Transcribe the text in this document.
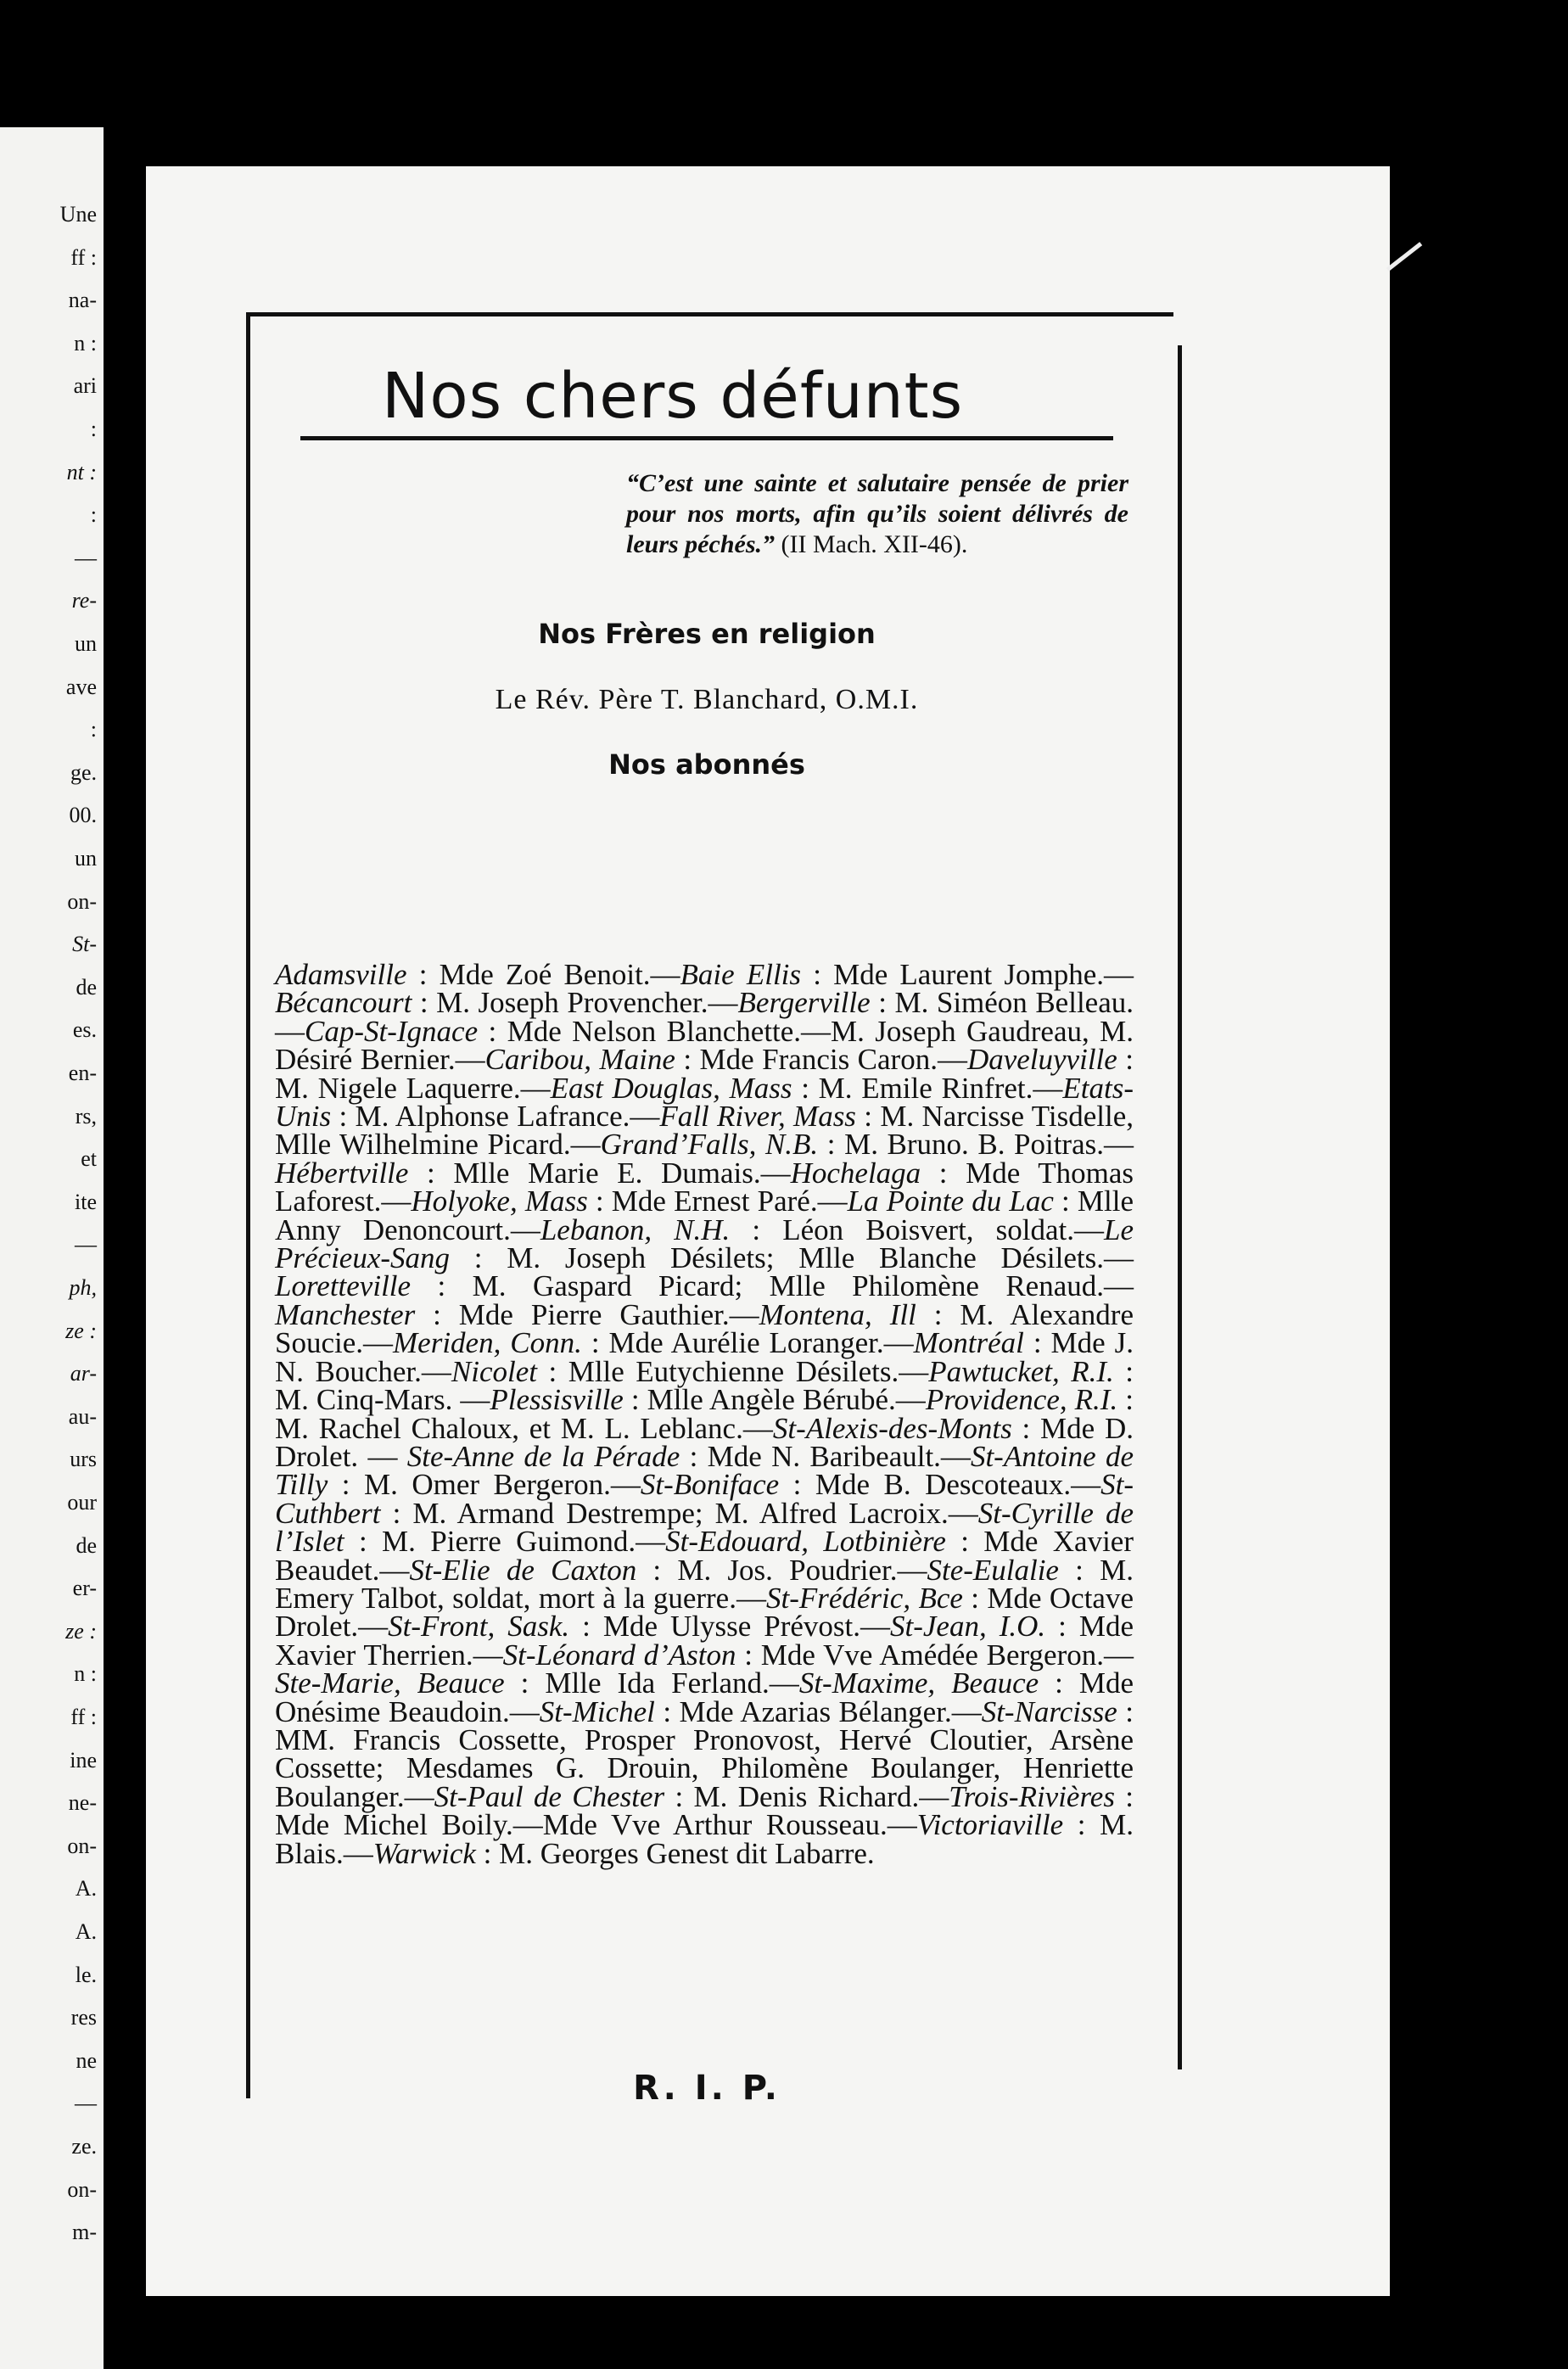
Une
ff :
na-
n :
ari
:
nt :
:
—
re-
un
ave
:
ge.
00.
un
on-
St-
de
es.
en-
rs,
et
ite
—
ph,
ze :
ar-
au-
urs
our
de
er-
ze :
n :
ff :
ine
ne-
on-
A.
A.
le.
res
ne
—
ze.
on-
m-
Nos chers défunts
“C’est une sainte et salutaire pensée de prier pour nos morts, afin qu’ils soient délivrés de leurs péchés.” (II Mach. XII-46).
Nos Frères en religion
Le Rév. Père T. Blanchard, O.M.I.
Nos abonnés
Adamsville : Mde Zoé Benoit.—Baie Ellis : Mde Laurent Jomphe.—Bécancourt : M. Joseph Provencher.—Bergerville : M. Siméon Belleau.—Cap-St-Ignace : Mde Nelson Blanchette.—M. Joseph Gaudreau, M. Désiré Bernier.—Caribou, Maine : Mde Francis Caron.—Daveluyville : M. Nigele Laquerre.—East Douglas, Mass : M. Emile Rinfret.—Etats-Unis : M. Alphonse Lafrance.—Fall River, Mass : M. Narcisse Tisdelle, Mlle Wilhelmine Picard.—Grand’Falls, N.B. : M. Bruno. B. Poitras.—Hébertville : Mlle Marie E. Dumais.—Hochelaga : Mde Thomas Laforest.—Holyoke, Mass : Mde Ernest Paré.—La Pointe du Lac : Mlle Anny Denoncourt.—Lebanon, N.H. : Léon Boisvert, soldat.—Le Précieux-Sang : M. Joseph Désilets; Mlle Blanche Désilets.—Loretteville : M. Gaspard Picard; Mlle Philomène Renaud.—Manchester : Mde Pierre Gauthier.—Montena, Ill : M. Alexandre Soucie.—Meriden, Conn. : Mde Aurélie Loranger.—Montréal : Mde J. N. Boucher.—Nicolet : Mlle Eutychienne Désilets.—Pawtucket, R.I. : M. Cinq-Mars. —Plessisville : Mlle Angèle Bérubé.—Providence, R.I. : M. Rachel Chaloux, et M. L. Leblanc.—St-Alexis-des-Monts : Mde D. Drolet. — Ste-Anne de la Pérade : Mde N. Baribeault.—St-Antoine de Tilly : M. Omer Bergeron.—St-Boniface : Mde B. Descoteaux.—St-Cuthbert : M. Armand Destrempe; M. Alfred Lacroix.—St-Cyrille de l’Islet : M. Pierre Guimond.—St-Edouard, Lotbinière : Mde Xavier Beaudet.—St-Elie de Caxton : M. Jos. Poudrier.—Ste-Eulalie : M. Emery Talbot, soldat, mort à la guerre.—St-Frédéric, Bce : Mde Octave Drolet.—St-Front, Sask. : Mde Ulysse Prévost.—St-Jean, I.O. : Mde Xavier Therrien.—St-Léonard d’Aston : Mde Vve Amédée Bergeron.—Ste-Marie, Beauce : Mlle Ida Ferland.—St-Maxime, Beauce : Mde Onésime Beaudoin.—St-Michel : Mde Azarias Bélanger.—St-Narcisse : MM. Francis Cossette, Prosper Pronovost, Hervé Cloutier, Arsène Cossette; Mesdames G. Drouin, Philomène Boulanger, Henriette Boulanger.—St-Paul de Chester : M. Denis Richard.—Trois-Rivières : Mde Michel Boily.—Mde Vve Arthur Rousseau.—Victoriaville : M. Blais.—Warwick : M. Georges Genest dit Labarre.
R. I. P.
